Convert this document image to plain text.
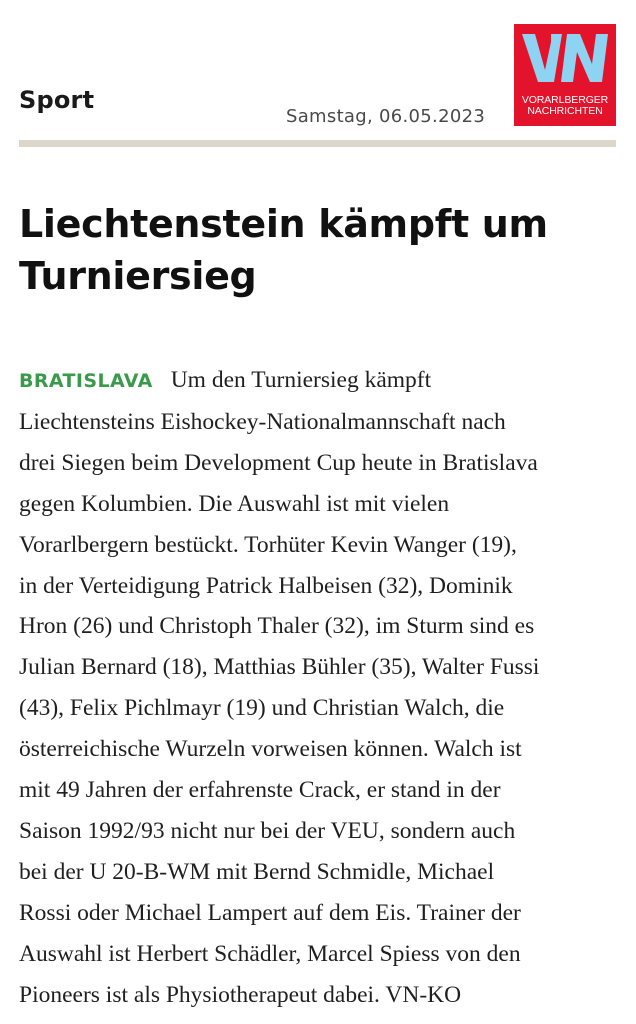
Sport
Samstag, 06.05.2023
VORARLBERGER
NACHRICHTEN
Liechtenstein kämpft um
Turniersieg
BRATISLAVA Um den Turniersieg kämpft
Liechtensteins Eishockey-Nationalmannschaft nach
drei Siegen beim Development Cup heute in Bratislava
gegen Kolumbien. Die Auswahl ist mit vielen
Vorarlbergern bestückt. Torhüter Kevin Wanger (19),
in der Verteidigung Patrick Halbeisen (32), Dominik
Hron (26) und Christoph Thaler (32), im Sturm sind es
Julian Bernard (18), Matthias Bühler (35), Walter Fussi
(43), Felix Pichlmayr (19) und Christian Walch, die
österreichische Wurzeln vorweisen können. Walch ist
mit 49 Jahren der erfahrenste Crack, er stand in der
Saison 1992/93 nicht nur bei der VEU, sondern auch
bei der U 20-B-WM mit Bernd Schmidle, Michael
Rossi oder Michael Lampert auf dem Eis. Trainer der
Auswahl ist Herbert Schädler, Marcel Spiess von den
Pioneers ist als Physiotherapeut dabei. VN-KO
